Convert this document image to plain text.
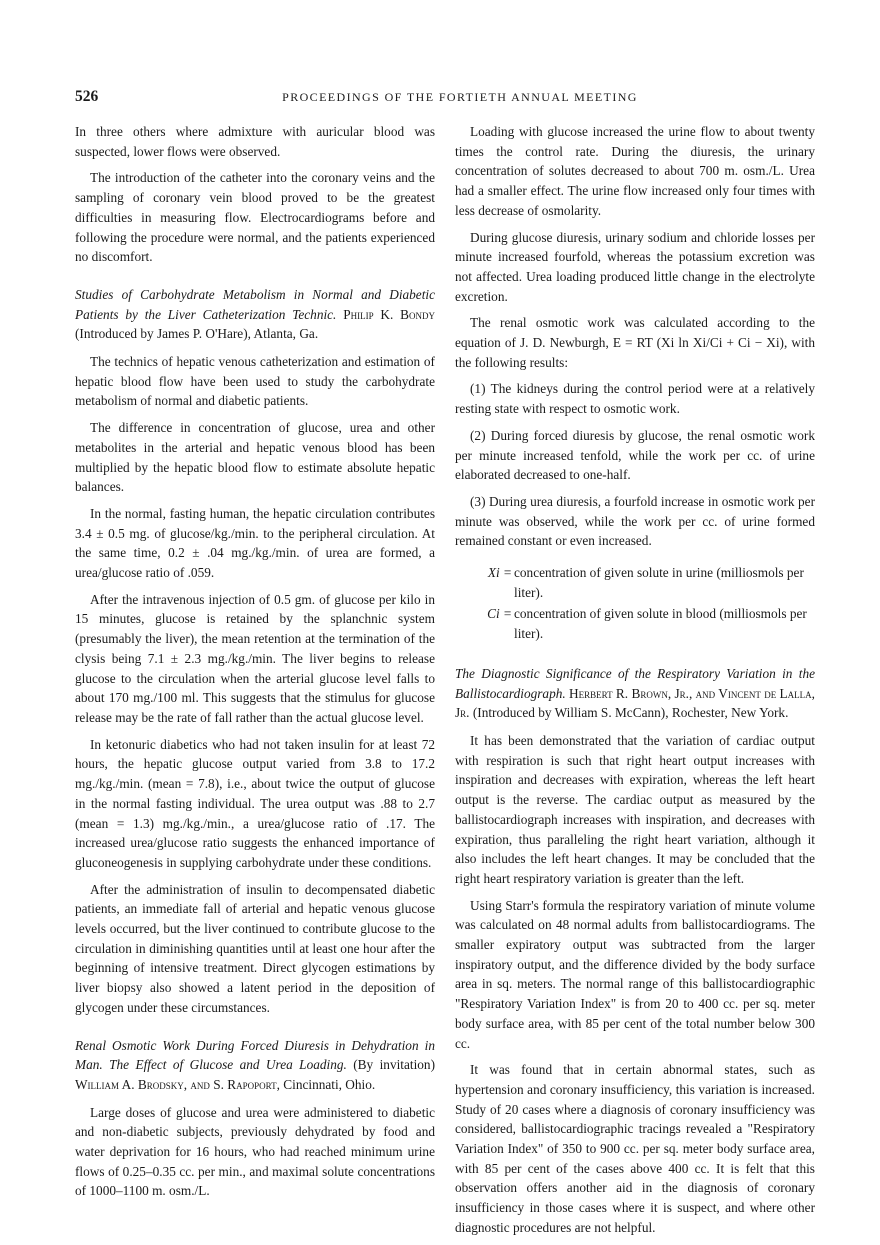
526	PROCEEDINGS OF THE FORTIETH ANNUAL MEETING

In three others where admixture with auricular blood was suspected, lower flows were observed.

The introduction of the catheter into the coronary veins and the sampling of coronary vein blood proved to be the greatest difficulties in measuring flow. Electrocardiograms before and following the procedure were normal, and the patients experienced no discomfort.

Studies of Carbohydrate Metabolism in Normal and Diabetic Patients by the Liver Catheterization Technic. Philip K. Bondy (Introduced by James P. O'Hare), Atlanta, Ga.

The technics of hepatic venous catheterization and estimation of hepatic blood flow have been used to study the carbohydrate metabolism of normal and diabetic patients.

The difference in concentration of glucose, urea and other metabolites in the arterial and hepatic venous blood has been multiplied by the hepatic blood flow to estimate absolute hepatic balances.

In the normal, fasting human, the hepatic circulation contributes 3.4 ± 0.5 mg. of glucose/kg./min. to the peripheral circulation. At the same time, 0.2 ± .04 mg./kg./min. of urea are formed, a urea/glucose ratio of .059.

After the intravenous injection of 0.5 gm. of glucose per kilo in 15 minutes, glucose is retained by the splanchnic system (presumably the liver), the mean retention at the termination of the clysis being 7.1 ± 2.3 mg./kg./min. The liver begins to release glucose to the circulation when the arterial glucose level falls to about 170 mg./100 ml. This suggests that the stimulus for glucose release may be the rate of fall rather than the actual glucose level.

In ketonuric diabetics who had not taken insulin for at least 72 hours, the hepatic glucose output varied from 3.8 to 17.2 mg./kg./min. (mean = 7.8), i.e., about twice the output of glucose in the normal fasting individual. The urea output was .88 to 2.7 (mean = 1.3) mg./kg./min., a urea/glucose ratio of .17. The increased urea/glucose ratio suggests the enhanced importance of gluconeogenesis in supplying carbohydrate under these conditions.

After the administration of insulin to decompensated diabetic patients, an immediate fall of arterial and hepatic venous glucose levels occurred, but the liver continued to contribute glucose to the circulation in diminishing quantities until at least one hour after the beginning of intensive treatment. Direct glycogen estimations by liver biopsy also showed a latent period in the deposition of glycogen under these circumstances.

Renal Osmotic Work During Forced Diuresis in Dehydration in Man. The Effect of Glucose and Urea Loading. (By invitation) William A. Brodsky, and S. Rapoport, Cincinnati, Ohio.

Large doses of glucose and urea were administered to diabetic and non-diabetic subjects, previously dehydrated by food and water deprivation for 16 hours, who had reached minimum urine flows of 0.25–0.35 cc. per min., and maximal solute concentrations of 1000–1100 m. osm./L.

Loading with glucose increased the urine flow to about twenty times the control rate. During the diuresis, the urinary concentration of solutes decreased to about 700 m. osm./L. Urea had a smaller effect. The urine flow increased only four times with less decrease of osmolarity.

During glucose diuresis, urinary sodium and chloride losses per minute increased fourfold, whereas the potassium excretion was not affected. Urea loading produced little change in the electrolyte excretion.

The renal osmotic work was calculated according to the equation of J. D. Newburgh, E = RT (Xi ln Xi/Ci + Ci − Xi), with the following results:

(1) The kidneys during the control period were at a relatively resting state with respect to osmotic work.

(2) During forced diuresis by glucose, the renal osmotic work per minute increased tenfold, while the work per cc. of urine elaborated decreased to one-half.

(3) During urea diuresis, a fourfold increase in osmotic work per minute was observed, while the work per cc. of urine formed remained constant or even increased.

Xi = concentration of given solute in urine (milliosmols per liter).
Ci = concentration of given solute in blood (milliosmols per liter).
The Diagnostic Significance of the Respiratory Variation in the Ballistocardiograph. Herbert R. Brown, Jr., and Vincent de Lalla, Jr. (Introduced by William S. McCann), Rochester, New York.

It has been demonstrated that the variation of cardiac output with respiration is such that right heart output increases with inspiration and decreases with expiration, whereas the left heart output is the reverse. The cardiac output as measured by the ballistocardiograph increases with inspiration, and decreases with expiration, thus paralleling the right heart variation, although it also includes the left heart changes. It may be concluded that the right heart respiratory variation is greater than the left.

Using Starr's formula the respiratory variation of minute volume was calculated on 48 normal adults from ballistocardiograms. The smaller expiratory output was subtracted from the larger inspiratory output, and the difference divided by the body surface area in sq. meters. The normal range of this ballistocardiographic "Respiratory Variation Index" is from 20 to 400 cc. per sq. meter body surface area, with 85 per cent of the total number below 300 cc.

It was found that in certain abnormal states, such as hypertension and coronary insufficiency, this variation is increased. Study of 20 cases where a diagnosis of coronary insufficiency was considered, ballistocardiographic tracings revealed a "Respiratory Variation Index" of 350 to 900 cc. per sq. meter body surface area, with 85 per cent of the cases above 400 cc. It is felt that this observation offers another aid in the diagnosis of coronary insufficiency in those cases where it is suspect, and where other diagnostic procedures are not helpful.
